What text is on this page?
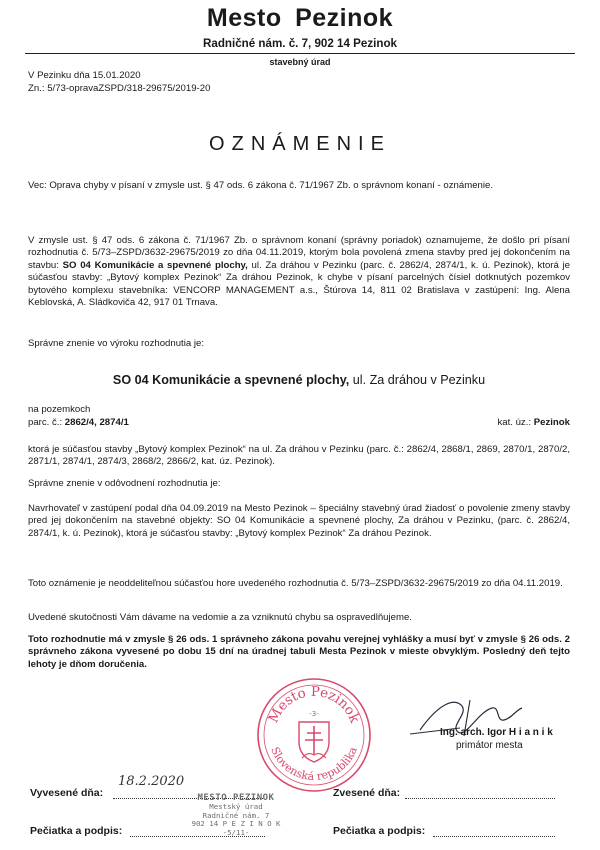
Mesto Pezinok
Radničné nám. č. 7, 902 14 Pezinok
stavebný úrad
V Pezinku dňa 15.01.2020
Zn.: 5/73-opravaZSPD/318-29675/2019-20
OZNÁMENIE
Vec: Oprava chyby v písaní v zmysle ust. § 47 ods. 6 zákona č. 71/1967 Zb. o správnom konaní - oznámenie.
V zmysle ust. § 47 ods. 6 zákona č. 71/1967 Zb. o správnom konaní (správny poriadok) oznamujeme, že došlo pri písaní rozhodnutia č. 5/73–ZSPD/3632-29675/2019 zo dňa 04.11.2019, ktorým bola povolená zmena stavby pred jej dokončením na stavbu: SO 04 Komunikácie a spevnené plochy, ul. Za dráhou v Pezinku (parc. č. 2862/4, 2874/1, k. ú. Pezinok), ktorá je súčasťou stavby: „Bytový komplex Pezinok“ Za dráhou Pezinok, k chybe v písaní parcelných čísiel dotknutých pozemkov bytového komplexu stavebníka: VENCORP MANAGEMENT a.s., Štúrova 14, 811 02 Bratislava v zastúpení: Ing. Alena Keblovská, A. Sládkoviča 42, 917 01 Trnava.
Správne znenie vo výroku rozhodnutia je:
SO 04 Komunikácie a spevnené plochy, ul. Za dráhou v Pezinku
na pozemkoch
parc. č.: 2862/4, 2874/1	kat. úz.: Pezinok
ktorá je súčasťou stavby „Bytový komplex Pezinok“ na ul. Za dráhou v Pezinku (parc. č.: 2862/4, 2868/1, 2869, 2870/1, 2870/2, 2871/1, 2874/1, 2874/3, 2868/2, 2866/2, kat. úz. Pezinok).
Správne znenie v odôvodnení rozhodnutia je:
Navrhovateľ v zastúpení podal dňa 04.09.2019 na Mesto Pezinok – špeciálny stavebný úrad žiadosť o povolenie zmeny stavby pred jej dokončením na stavebné objekty: SO 04 Komunikácie a spevnené plochy, Za dráhou v Pezinku, (parc. č. 2862/4, 2874/1, k. ú. Pezinok), ktorá je súčasťou stavby: „Bytový komplex Pezinok“ Za dráhou Pezinok.
Toto oznámenie je neoddeliteľnou súčasťou hore uvedeného rozhodnutia č. 5/73–ZSPD/3632-29675/2019 zo dňa 04.11.2019.
Uvedené skutočnosti Vám dávame na vedomie a za vzniknutú chybu sa ospravedlňujeme.
Toto rozhodnutie má v zmysle § 26 ods. 1 správneho zákona povahu verejnej vyhlášky a musí byť v zmysle § 26 ods. 2 správneho zákona vyvesené po dobu 15 dní na úradnej tabuli Mesta Pezinok v mieste obvyklým. Posledný deň tejto lehoty je dňom doručenia.
Mesto Pezinok
Slovenská republika
-3-
Ing. arch. Igor H i a n i k
primátor mesta
Vyvesené dňa:
18.2.2020
Zvesené dňa:
Pečiatka a podpis:	Pečiatka a podpis:
MESTO PEZINOK
Mestský úrad
Radničné nám. 7
902 14 P E Z I N O K
-5/11-
